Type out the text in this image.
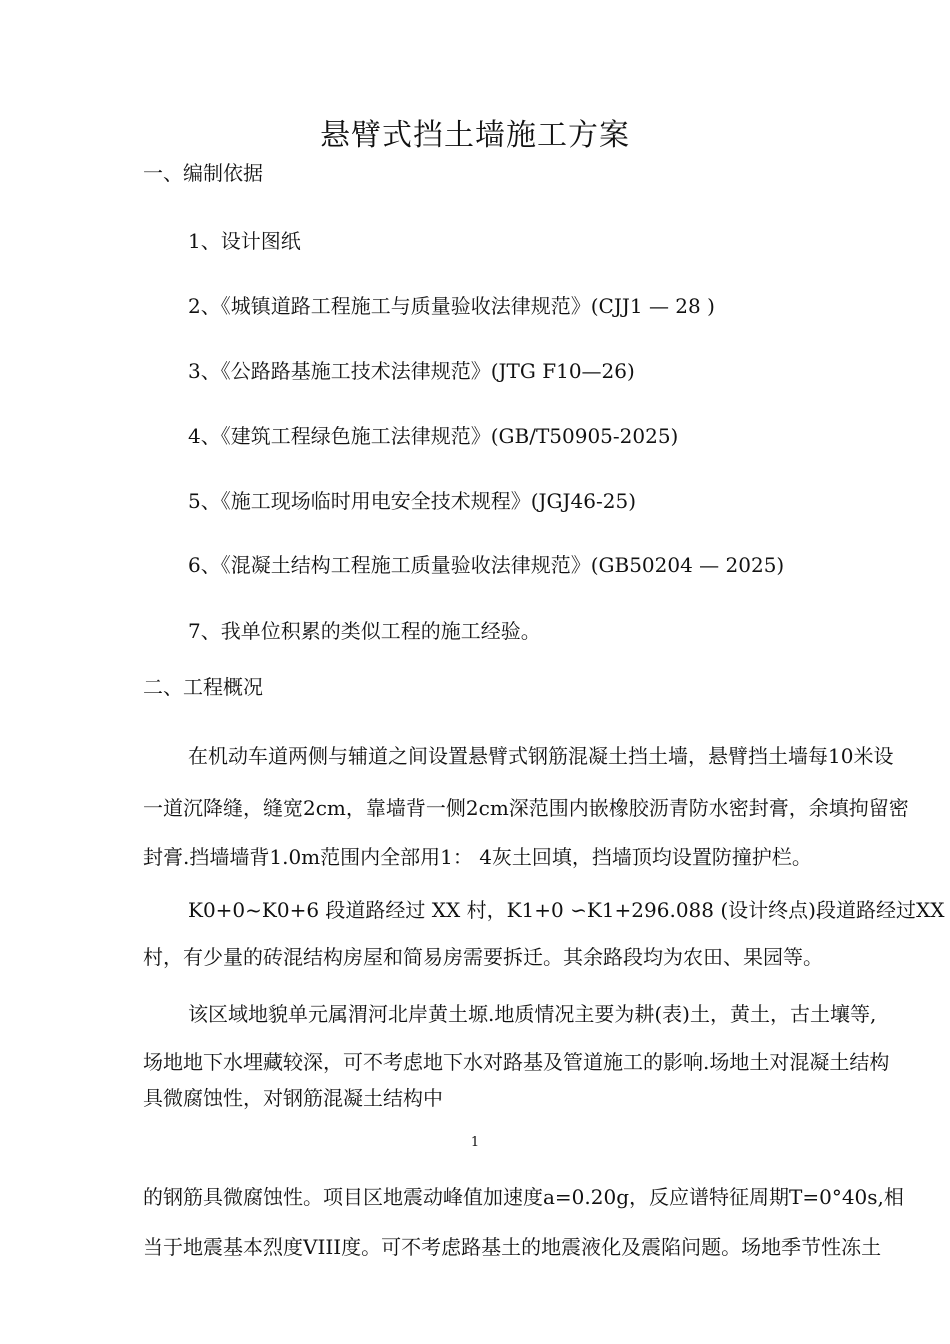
悬臂式挡土墙施工方案
一、编制依据
1、设计图纸
2、《城镇道路工程施工与质量验收法律规范》(CJJ1 — 28 )
3、《公路路基施工技术法律规范》(JTG F10—26)
4、《建筑工程绿色施工法律规范》(GB/T50905-2025)
5、《施工现场临时用电安全技术规程》(JGJ46-25)
6、《混凝土结构工程施工质量验收法律规范》(GB50204 — 2025)
7、我单位积累的类似工程的施工经验。
二、工程概况
在机动车道两侧与辅道之间设置悬臂式钢筋混凝土挡土墙，悬臂挡土墙每10米设
一道沉降缝，缝宽2cm，靠墙背一侧2cm深范围内嵌橡胶沥青防水密封膏，余填拘留密
封膏.挡墙墙背1.0m范围内全部用1： 4灰土回填，挡墙顶均设置防撞护栏。
K0+0~K0+6 段道路经过 XX 村，K1+0 ∽K1+296.088 (设计终点)段道路经过XX
村，有少量的砖混结构房屋和简易房需要拆迁。其余路段均为农田、果园等。
该区域地貌单元属渭河北岸黄土塬.地质情况主要为耕(表)土，黄土，古土壤等,
场地地下水埋藏较深，可不考虑地下水对路基及管道施工的影响.场地土对混凝土结构
具微腐蚀性，对钢筋混凝土结构中
1
的钢筋具微腐蚀性。项目区地震动峰值加速度a=0.20g，反应谱特征周期T=0°40s,相
当于地震基本烈度VIII度。可不考虑路基土的地震液化及震陷问题。场地季节性冻土
